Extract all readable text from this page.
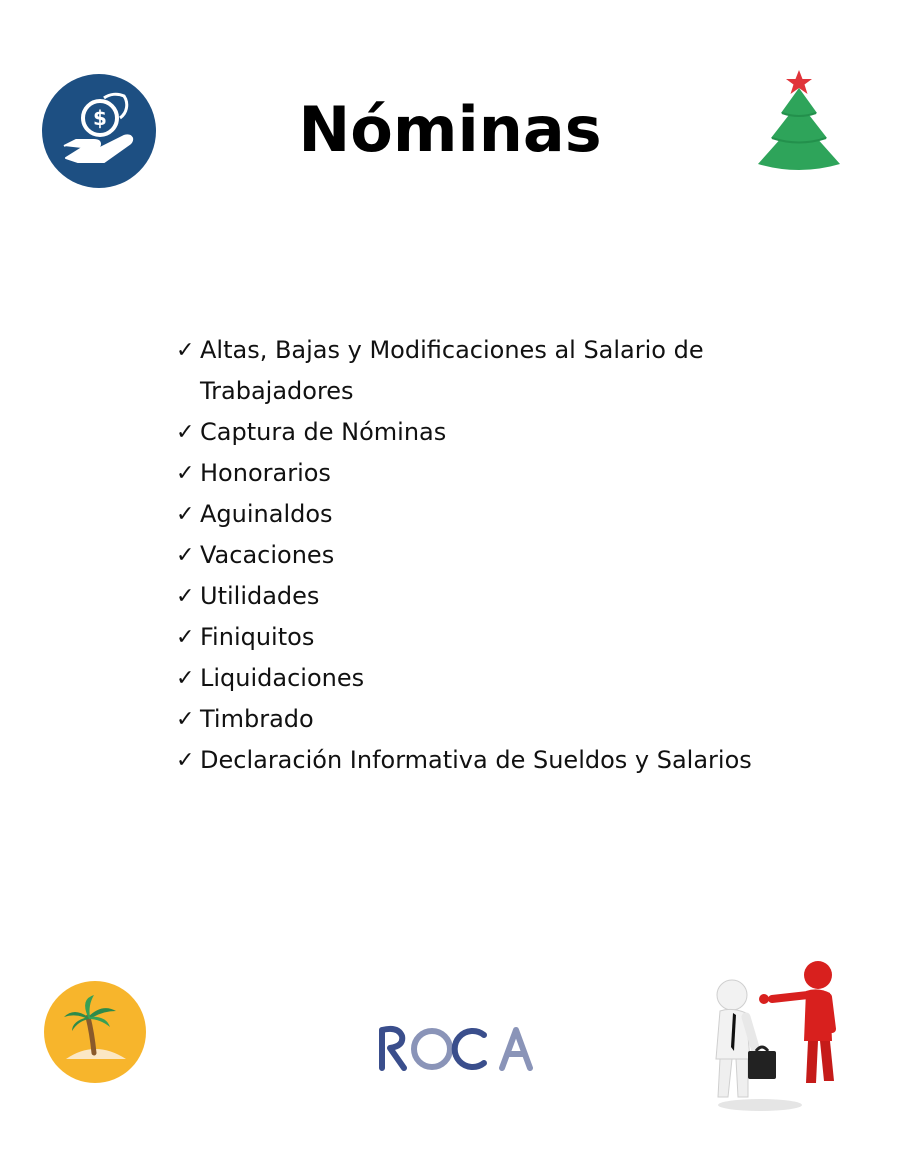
$	Nóminas
✓ Altas, Bajas y Modificaciones al Salario de Trabajadores
✓ Captura de Nóminas
✓ Honorarios
✓ Aguinaldos
✓ Vacaciones
✓ Utilidades
✓ Finiquitos
✓ Liquidaciones
✓ Timbrado
✓ Declaración Informativa de Sueldos y Salarios
